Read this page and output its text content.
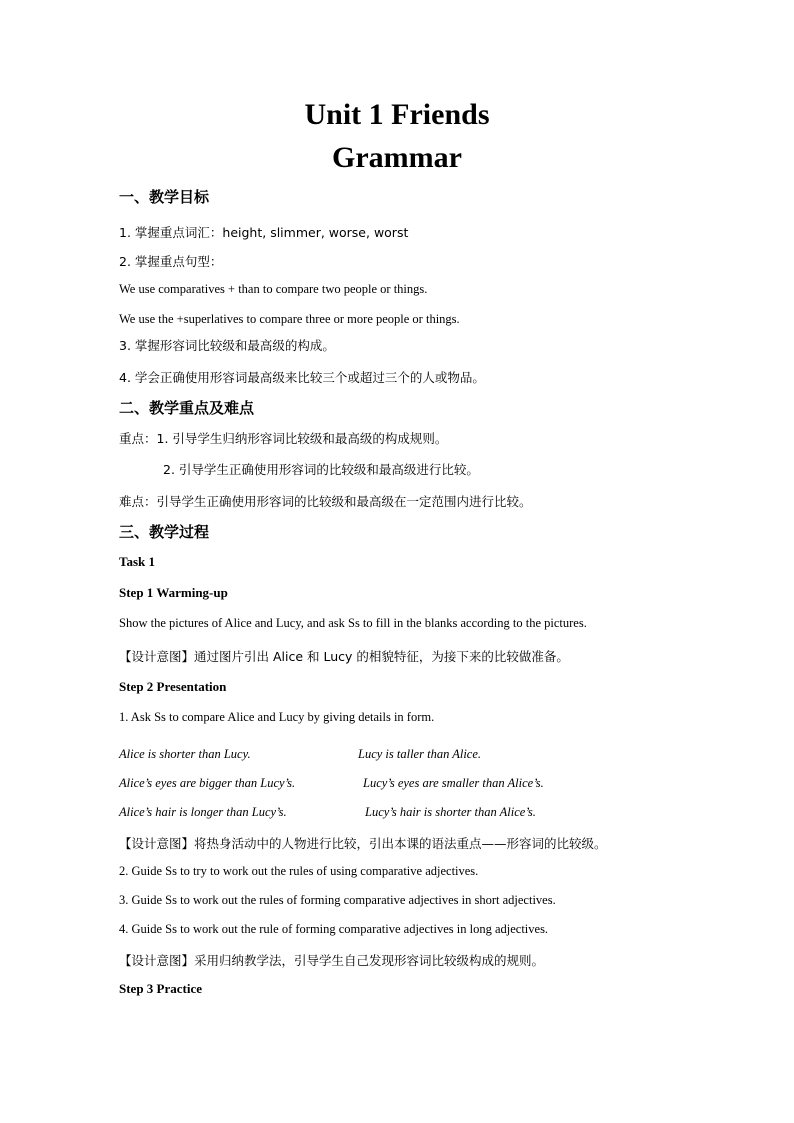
Unit 1 Friends
Grammar
一、教学目标
1. 掌握重点词汇：height, slimmer, worse, worst
2. 掌握重点句型：
We use comparatives + than to compare two people or things.
We use the +superlatives to compare three or more people or things.
3. 掌握形容词比较级和最高级的构成。
4. 学会正确使用形容词最高级来比较三个或超过三个的人或物品。
二、教学重点及难点
重点：1. 引导学生归纳形容词比较级和最高级的构成规则。
2. 引导学生正确使用形容词的比较级和最高级进行比较。
难点：引导学生正确使用形容词的比较级和最高级在一定范围内进行比较。
三、教学过程
Task 1
Step 1 Warming-up
Show the pictures of Alice and Lucy, and ask Ss to fill in the blanks according to the pictures.
【设计意图】通过图片引出 Alice 和 Lucy 的相貌特征，为接下来的比较做准备。
Step 2 Presentation
1. Ask Ss to compare Alice and Lucy by giving details in form.
Alice is shorter than Lucy.	Lucy is taller than Alice.
Alice’s eyes are bigger than Lucy’s.	Lucy’s eyes are smaller than Alice’s.
Alice’s hair is longer than Lucy’s.	Lucy’s hair is shorter than Alice’s.
【设计意图】将热身活动中的人物进行比较，引出本课的语法重点——形容词的比较级。
2. Guide Ss to try to work out the rules of using comparative adjectives.
3. Guide Ss to work out the rules of forming comparative adjectives in short adjectives.
4. Guide Ss to work out the rule of forming comparative adjectives in long adjectives.
【设计意图】采用归纳教学法，引导学生自己发现形容词比较级构成的规则。
Step 3 Practice
